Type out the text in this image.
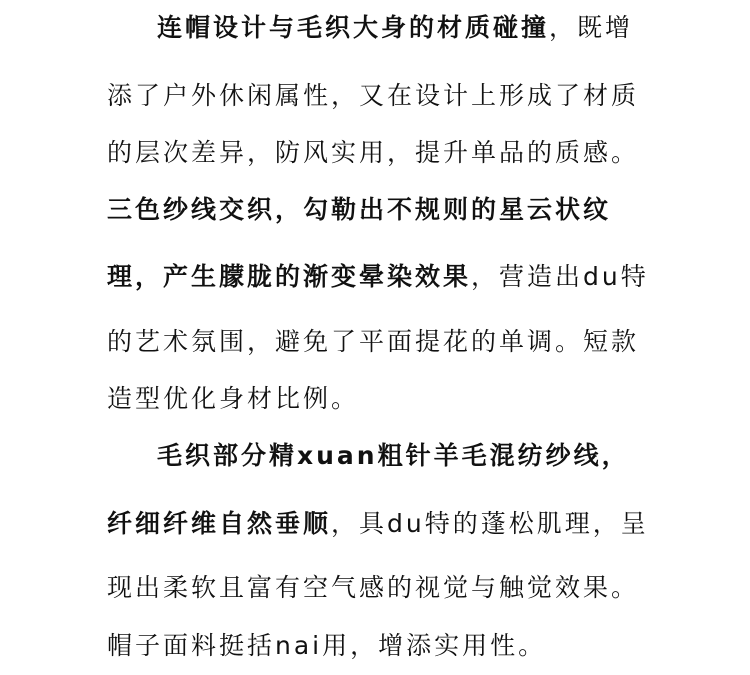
连帽设计与毛织大身的材质碰撞，既增
添了户外休闲属性，又在设计上形成了材质
的层次差异，防风实用，提升单品的质感。
三色纱线交织，勾勒出不规则的星云状纹
理，产生朦胧的渐变晕染效果，营造出du特
的艺术氛围，避免了平面提花的单调。短款
造型优化身材比例。
毛织部分精xuan粗针羊毛混纺纱线，
纤细纤维自然垂顺，具du特的蓬松肌理，呈
现出柔软且富有空气感的视觉与触觉效果。
帽子面料挺括nai用，增添实用性。
